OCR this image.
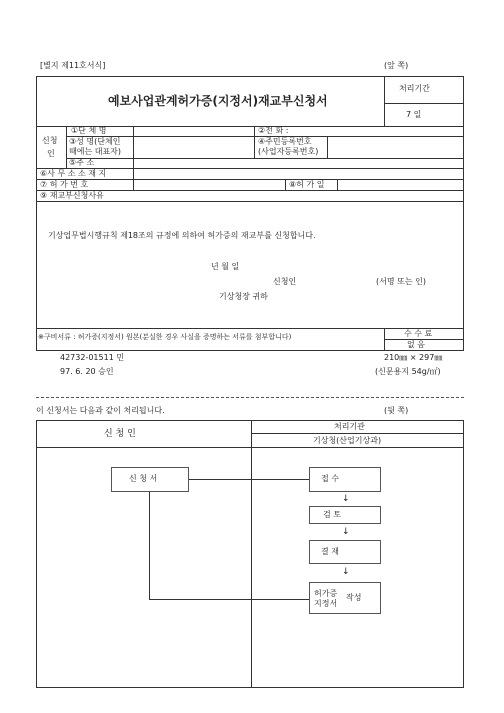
[별지 제11호서식]	(앞 쪽)
예보사업관계허가증(지정서)재교부신청서
처리기간
7 일
신청
인
①단 체 명	②전 화 :
③성 명(단체인
때에는 대표자)
④주민등록번호
(사업자등록번호)
⑤주 소
⑥사 무 소 소 재 지
⑦ 허 가 번 호	⑧허 가 일
⑨ 재교부신청사유
기상업무법시행규칙 제18조의 규정에 의하여 허가증의 재교부를 신청합니다.
년 월 일
신청인	(서명 또는 인)
기상청장 귀하
※구비서류 : 허가증(지정서) 원본(분실한 경우 사실을 증명하는 서류를 첨부합니다)	수 수 료
없 음
42732-01511 민	210㎜ × 297㎜
97. 6. 20 승인	(신문용지 54g/㎡)
이 신청서는 다음과 같이 처리됩니다.	(뒷 쪽)
신 청 인
처리기관
기상청(산업기상과)
신 청 서	접 수
↓
검 토
↓
결 재
↓
허가증
지정서
작성
